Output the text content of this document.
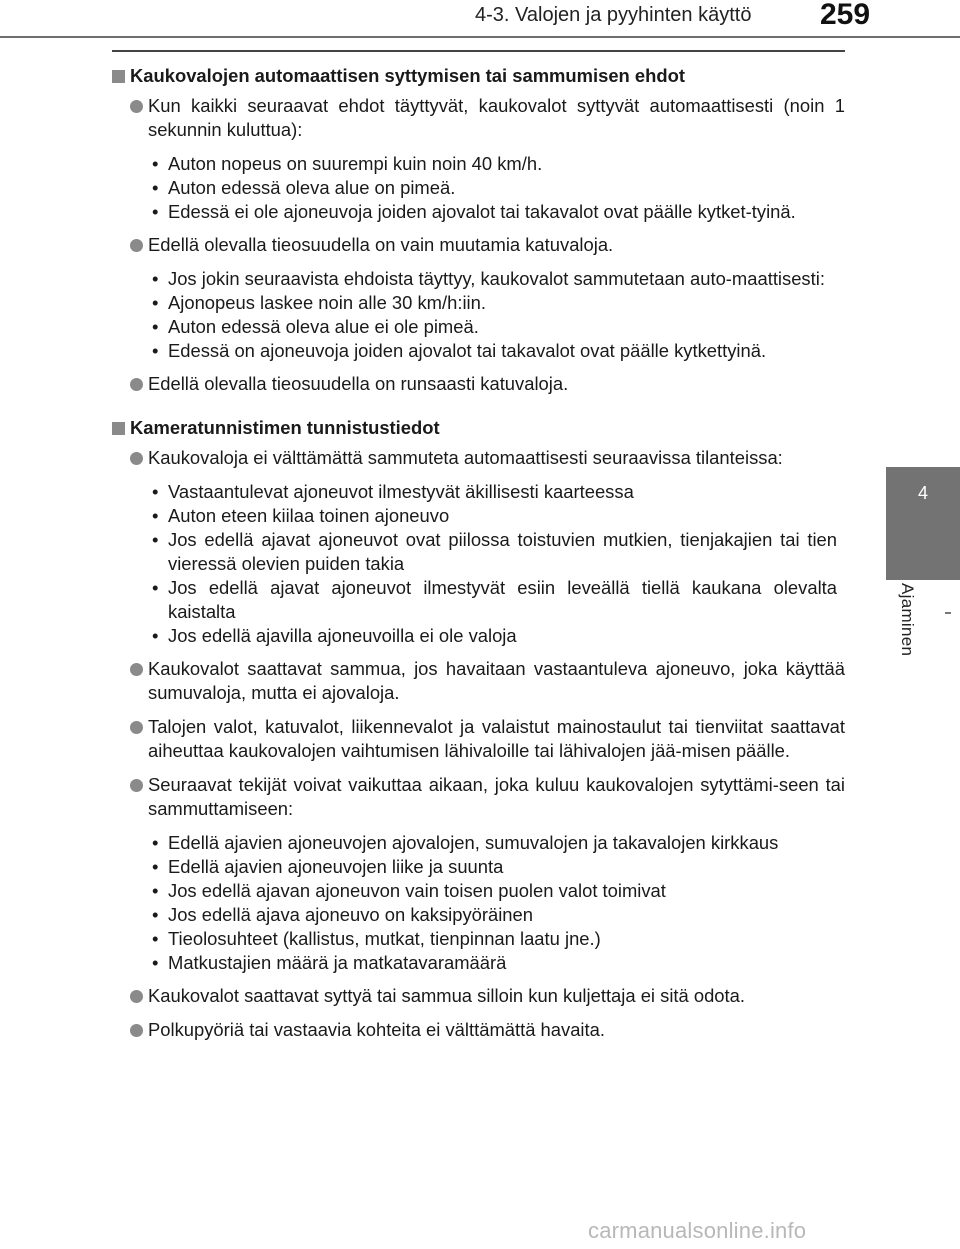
4-3. Valojen ja pyyhinten käyttö 259
4
Ajaminen
Kaukovalojen automaattisen syttymisen tai sammumisen ehdot
Kun kaikki seuraavat ehdot täyttyvät, kaukovalot syttyvät automaattisesti (noin 1 sekunnin kuluttua):
• Auton nopeus on suurempi kuin noin 40 km/h.
• Auton edessä oleva alue on pimeä.
• Edessä ei ole ajoneuvoja joiden ajovalot tai takavalot ovat päälle kytket-tyinä.
Edellä olevalla tieosuudella on vain muutamia katuvaloja.
• Jos jokin seuraavista ehdoista täyttyy, kaukovalot sammutetaan auto-maattisesti:
• Ajonopeus laskee noin alle 30 km/h:iin.
• Auton edessä oleva alue ei ole pimeä.
• Edessä on ajoneuvoja joiden ajovalot tai takavalot ovat päälle kytkettyinä.
Edellä olevalla tieosuudella on runsaasti katuvaloja.
Kameratunnistimen tunnistustiedot
Kaukovaloja ei välttämättä sammuteta automaattisesti seuraavissa tilanteissa:
• Vastaantulevat ajoneuvot ilmestyvät äkillisesti kaarteessa
• Auton eteen kiilaa toinen ajoneuvo
• Jos edellä ajavat ajoneuvot ovat piilossa toistuvien mutkien, tienjakajien tai tien vieressä olevien puiden takia
• Jos edellä ajavat ajoneuvot ilmestyvät esiin leveällä tiellä kaukana olevalta kaistalta
• Jos edellä ajavilla ajoneuvoilla ei ole valoja
Kaukovalot saattavat sammua, jos havaitaan vastaantuleva ajoneuvo, joka käyttää sumuvaloja, mutta ei ajovaloja.
Talojen valot, katuvalot, liikennevalot ja valaistut mainostaulut tai tienviitat saattavat aiheuttaa kaukovalojen vaihtumisen lähivaloille tai lähivalojen jää-misen päälle.
Seuraavat tekijät voivat vaikuttaa aikaan, joka kuluu kaukovalojen sytyttämi-seen tai sammuttamiseen:
• Edellä ajavien ajoneuvojen ajovalojen, sumuvalojen ja takavalojen kirkkaus
• Edellä ajavien ajoneuvojen liike ja suunta
• Jos edellä ajavan ajoneuvon vain toisen puolen valot toimivat
• Jos edellä ajava ajoneuvo on kaksipyöräinen
• Tieolosuhteet (kallistus, mutkat, tienpinnan laatu jne.)
• Matkustajien määrä ja matkatavaramäärä
Kaukovalot saattavat syttyä tai sammua silloin kun kuljettaja ei sitä odota.
Polkupyöriä tai vastaavia kohteita ei välttämättä havaita.
carmanualsonline.info
